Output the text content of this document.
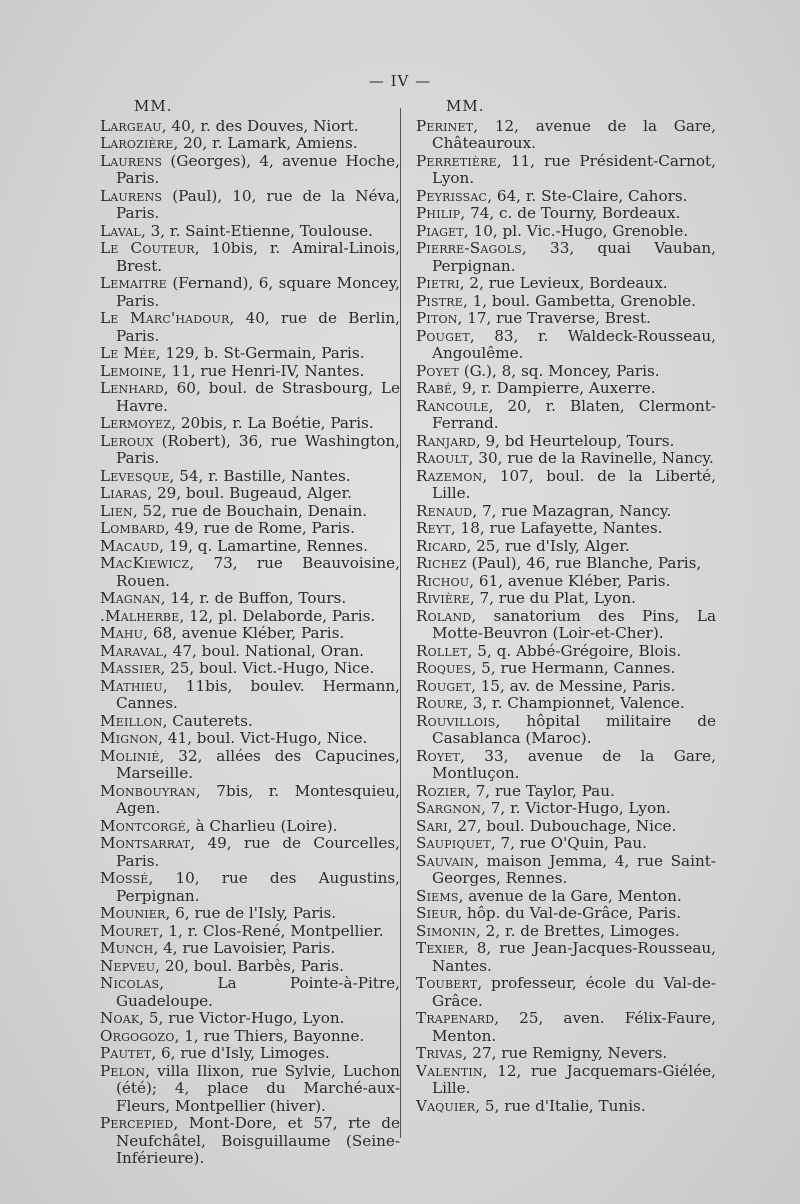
— IV —
MM.
Largeau, 40, r. des Douves, Niort.
Larozière, 20, r. Lamark, Amiens.
Laurens (Georges), 4, avenue Hoche, Paris.
Laurens (Paul), 10, rue de la Néva, Paris.
Laval, 3, r. Saint-Etienne, Toulouse.
Le Couteur, 10bis, r. Amiral-Linois, Brest.
Lemaitre (Fernand), 6, square Moncey, Paris.
Le Marc'hadour, 40, rue de Berlin, Paris.
Le Mée, 129, b. St-Germain, Paris.
Lemoine, 11, rue Henri-IV, Nantes.
Lenhard, 60, boul. de Strasbourg, Le Havre.
Lermoyez, 20bis, r. La Boétie, Paris.
Leroux (Robert), 36, rue Washington, Paris.
Levesque, 54, r. Bastille, Nantes.
Liaras, 29, boul. Bugeaud, Alger.
Lien, 52, rue de Bouchain, Denain.
Lombard, 49, rue de Rome, Paris.
Macaud, 19, q. Lamartine, Rennes.
MacKiewicz, 73, rue Beauvoisine, Rouen.
Magnan, 14, r. de Buffon, Tours.
.Malherbe, 12, pl. Delaborde, Paris.
Mahu, 68, avenue Kléber, Paris.
Maraval, 47, boul. National, Oran.
Massier, 25, boul. Vict.-Hugo, Nice.
Mathieu, 11bis, boulev. Hermann, Cannes.
Meillon, Cauterets.
Mignon, 41, boul. Vict-Hugo, Nice.
Molinié, 32, allées des Capucines, Marseille.
Monbouyran, 7bis, r. Montesquieu, Agen.
Montcorgé, à Charlieu (Loire).
Montsarrat, 49, rue de Courcelles, Paris.
Mossé, 10, rue des Augustins, Perpignan.
Mounier, 6, rue de l'Isly, Paris.
Mouret, 1, r. Clos-René, Montpellier.
Munch, 4, rue Lavoisier, Paris.
Nepveu, 20, boul. Barbès, Paris.
Nicolas, La Pointe-à-Pitre, Guadeloupe.
Noak, 5, rue Victor-Hugo, Lyon.
Orgogozo, 1, rue Thiers, Bayonne.
Pautet, 6, rue d'Isly, Limoges.
Pelon, villa Ilixon, rue Sylvie, Luchon (été); 4, place du Marché-aux-Fleurs, Montpellier (hiver).
Percepied, Mont-Dore, et 57, rte de Neufchâtel, Boisguillaume (Seine-Inférieure).
MM.
Perinet, 12, avenue de la Gare, Châteauroux.
Perretière, 11, rue Président-Carnot, Lyon.
Peyrissac, 64, r. Ste-Claire, Cahors.
Philip, 74, c. de Tourny, Bordeaux.
Piaget, 10, pl. Vic.-Hugo, Grenoble.
Pierre-Sagols, 33, quai Vauban, Perpignan.
Pietri, 2, rue Levieux, Bordeaux.
Pistre, 1, boul. Gambetta, Grenoble.
Piton, 17, rue Traverse, Brest.
Pouget, 83, r. Waldeck-Rousseau, Angoulême.
Poyet (G.), 8, sq. Moncey, Paris.
Rabé, 9, r. Dampierre, Auxerre.
Rancoule, 20, r. Blaten, Clermont-Ferrand.
Ranjard, 9, bd Heurteloup, Tours.
Raoult, 30, rue de la Ravinelle, Nancy.
Razemon, 107, boul. de la Liberté, Lille.
Renaud, 7, rue Mazagran, Nancy.
Reyt, 18, rue Lafayette, Nantes.
Ricard, 25, rue d'Isly, Alger.
Richez (Paul), 46, rue Blanche, Paris,
Richou, 61, avenue Kléber, Paris.
Rivière, 7, rue du Plat, Lyon.
Roland, sanatorium des Pins, La Motte-Beuvron (Loir-et-Cher).
Rollet, 5, q. Abbé-Grégoire, Blois.
Roques, 5, rue Hermann, Cannes.
Rouget, 15, av. de Messine, Paris.
Roure, 3, r. Championnet, Valence.
Rouvillois, hôpital militaire de Casablanca (Maroc).
Royet, 33, avenue de la Gare, Montluçon.
Rozier, 7, rue Taylor, Pau.
Sargnon, 7, r. Victor-Hugo, Lyon.
Sari, 27, boul. Dubouchage, Nice.
Saupiquet, 7, rue O'Quin, Pau.
Sauvain, maison Jemma, 4, rue Saint-Georges, Rennes.
Siems, avenue de la Gare, Menton.
Sieur, hôp. du Val-de-Grâce, Paris.
Simonin, 2, r. de Brettes, Limoges.
Texier, 8, rue Jean-Jacques-Rousseau, Nantes.
Toubert, professeur, école du Val-de-Grâce.
Trapenard, 25, aven. Félix-Faure, Menton.
Trivas, 27, rue Remigny, Nevers.
Valentin, 12, rue Jacquemars-Giélée, Lille.
Vaquier, 5, rue d'Italie, Tunis.
